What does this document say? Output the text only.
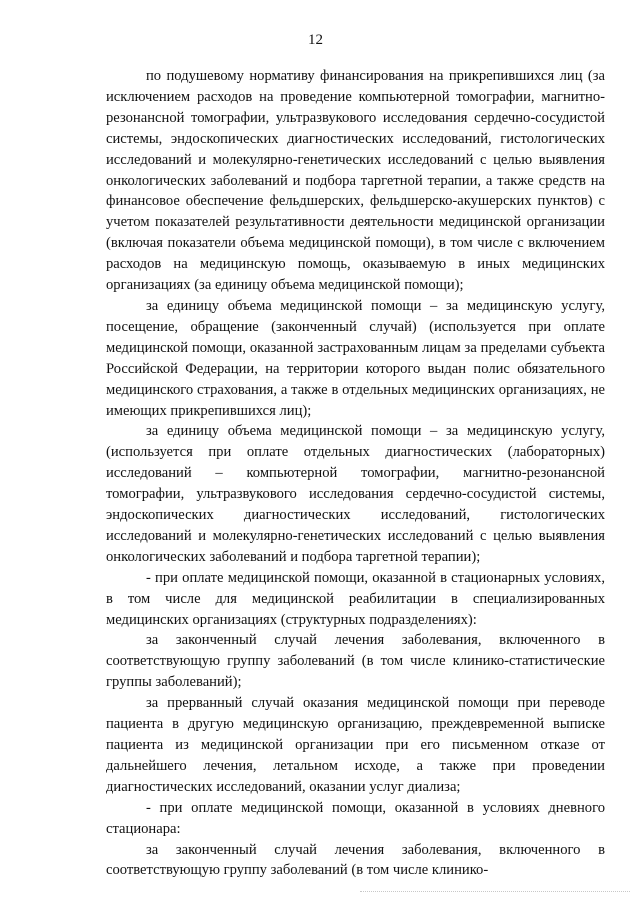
12

по подушевому нормативу финансирования на прикрепившихся лиц (за исключением расходов на проведение компьютерной томографии, магнитно-резонансной томографии, ультразвукового исследования сердечно-сосудистой системы, эндоскопических диагностических исследований, гистологических исследований и молекулярно-генетических исследований с целью выявления онкологических заболеваний и подбора таргетной терапии, а также средств на финансовое обеспечение фельдшерских, фельдшерско-акушерских пунктов) с учетом показателей результативности деятельности медицинской организации (включая показатели объема медицинской помощи), в том числе с включением расходов на медицинскую помощь, оказываемую в иных медицинских организациях (за единицу объема медицинской помощи);

за единицу объема медицинской помощи – за медицинскую услугу, посещение, обращение (законченный случай) (используется при оплате медицинской помощи, оказанной застрахованным лицам за пределами субъекта Российской Федерации, на территории которого выдан полис обязательного медицинского страхования, а также в отдельных медицинских организациях, не имеющих прикрепившихся лиц);

за единицу объема медицинской помощи – за медицинскую услугу, (используется при оплате отдельных диагностических (лабораторных) исследований – компьютерной томографии, магнитно-резонансной томографии, ультразвукового исследования сердечно-сосудистой системы, эндоскопических диагностических исследований, гистологических исследований и молекулярно-генетических исследований с целью выявления онкологических заболеваний и подбора таргетной терапии);

- при оплате медицинской помощи, оказанной в стационарных условиях, в том числе для медицинской реабилитации в специализированных медицинских организациях (структурных подразделениях):

за законченный случай лечения заболевания, включенного в соответствующую группу заболеваний (в том числе клинико-статистические группы заболеваний);

за прерванный случай оказания медицинской помощи при переводе пациента в другую медицинскую организацию, преждевременной выписке пациента из медицинской организации при его письменном отказе от дальнейшего лечения, летальном исходе, а также при проведении диагностических исследований, оказании услуг диализа;

- при оплате медицинской помощи, оказанной в условиях дневного стационара:

за законченный случай лечения заболевания, включенного в соответствующую группу заболеваний (в том числе клинико-
